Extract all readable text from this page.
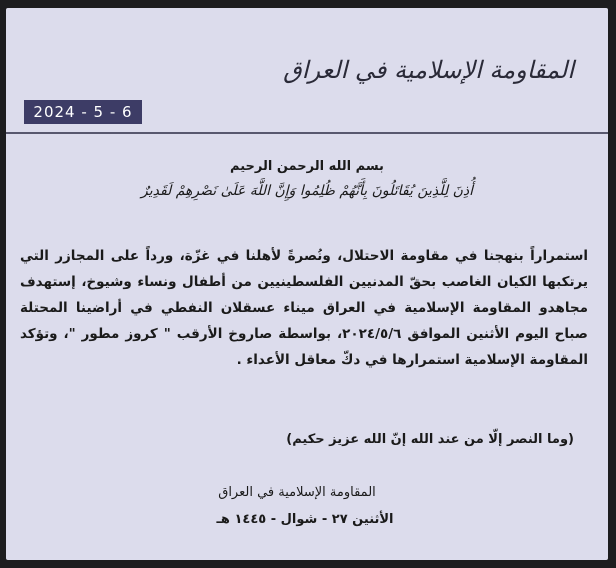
المقاومة الإسلامية في العراق
2024 - 5 - 6
بسم الله الرحمن الرحيم
أُذِنَ لِلَّذِينَ يُقَاتَلُونَ بِأَنَّهُمْ ظُلِمُوا وَإِنَّ اللَّهَ عَلَىٰ نَصْرِهِمْ لَقَدِيرٌ
استمراراً بنهجنا في مقاومة الاحتلال، ونُصرةً لأهلنا في غزّة، ورداً على المجازر التي يرتكبها الكيان الغاصب بحقّ المدنيين الفلسطينيين من أطفال ونساء وشيوخ، إستهدف مجاهدو المقاومة الإسلامية في العراق ميناء عسقلان النفطي في أراضينا المحتلة صباح اليوم الأثنين الموافق ٢٠٢٤/٥/٦، بواسطة صاروخ الأرقب " كروز مطور "، وتؤكد المقاومة الإسلامية استمرارها في دكّ معاقل الأعداء .
(وما النصر إلّا من عند الله إنّ الله عزيز حكيم)
المقاومة الإسلامية في العراق
الأثنين ٢٧ - شوال - ١٤٤٥ هـ
